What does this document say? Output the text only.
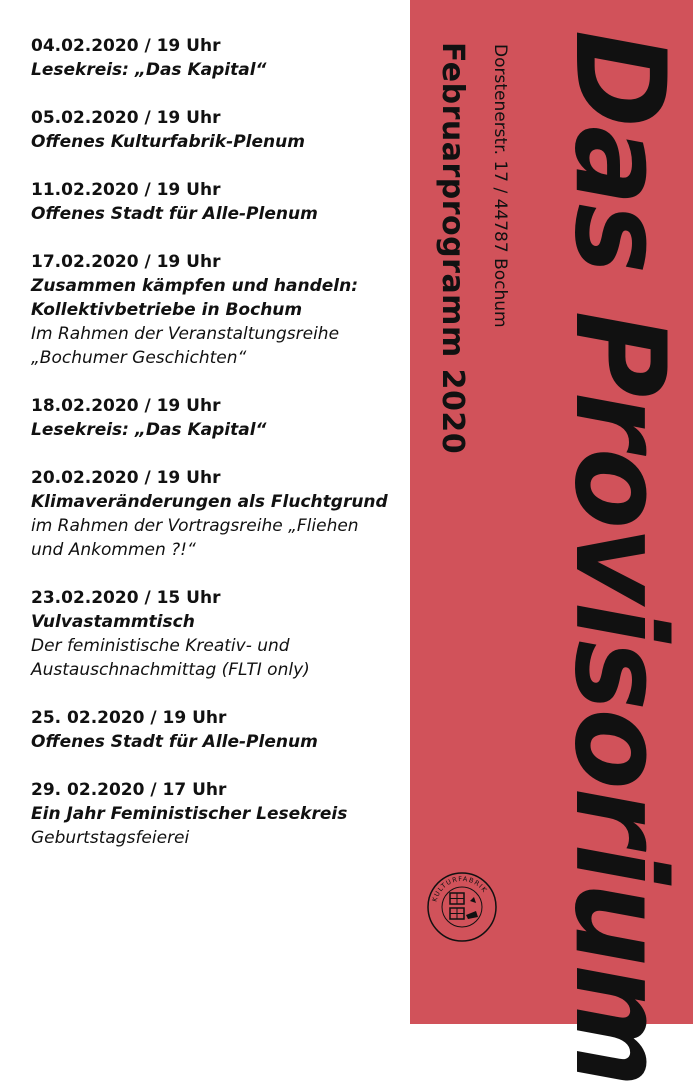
04.02.2020 / 19 Uhr

Lesekreis: „Das Kapital“

05.02.2020 / 19 Uhr

Offenes Kulturfabrik-Plenum

11.02.2020 / 19 Uhr

Offenes Stadt für Alle-Plenum

17.02.2020 / 19 Uhr

Zusammen kämpfen und handeln:

Kollektivbetriebe in Bochum

Im Rahmen der Veranstaltungsreihe

„Bochumer Geschichten“

18.02.2020 / 19 Uhr

Lesekreis: „Das Kapital“

20.02.2020 / 19 Uhr

Klimaveränderungen als Fluchtgrund

im Rahmen der Vortragsreihe „Fliehen

und Ankommen ?!“

23.02.2020 / 15 Uhr

Vulvastammtisch

Der feministische Kreativ- und

Austauschnachmittag (FLTI only)

25. 02.2020 / 19 Uhr

Offenes Stadt für Alle-Plenum

29. 02.2020 / 17 Uhr

Ein Jahr Feministischer Lesekreis

Geburtstagsfeierei

Dorstenerstr. 17 / 44787 Bochum
Februarprogramm 2020 Das Provisorium
KULTURFABRIK
